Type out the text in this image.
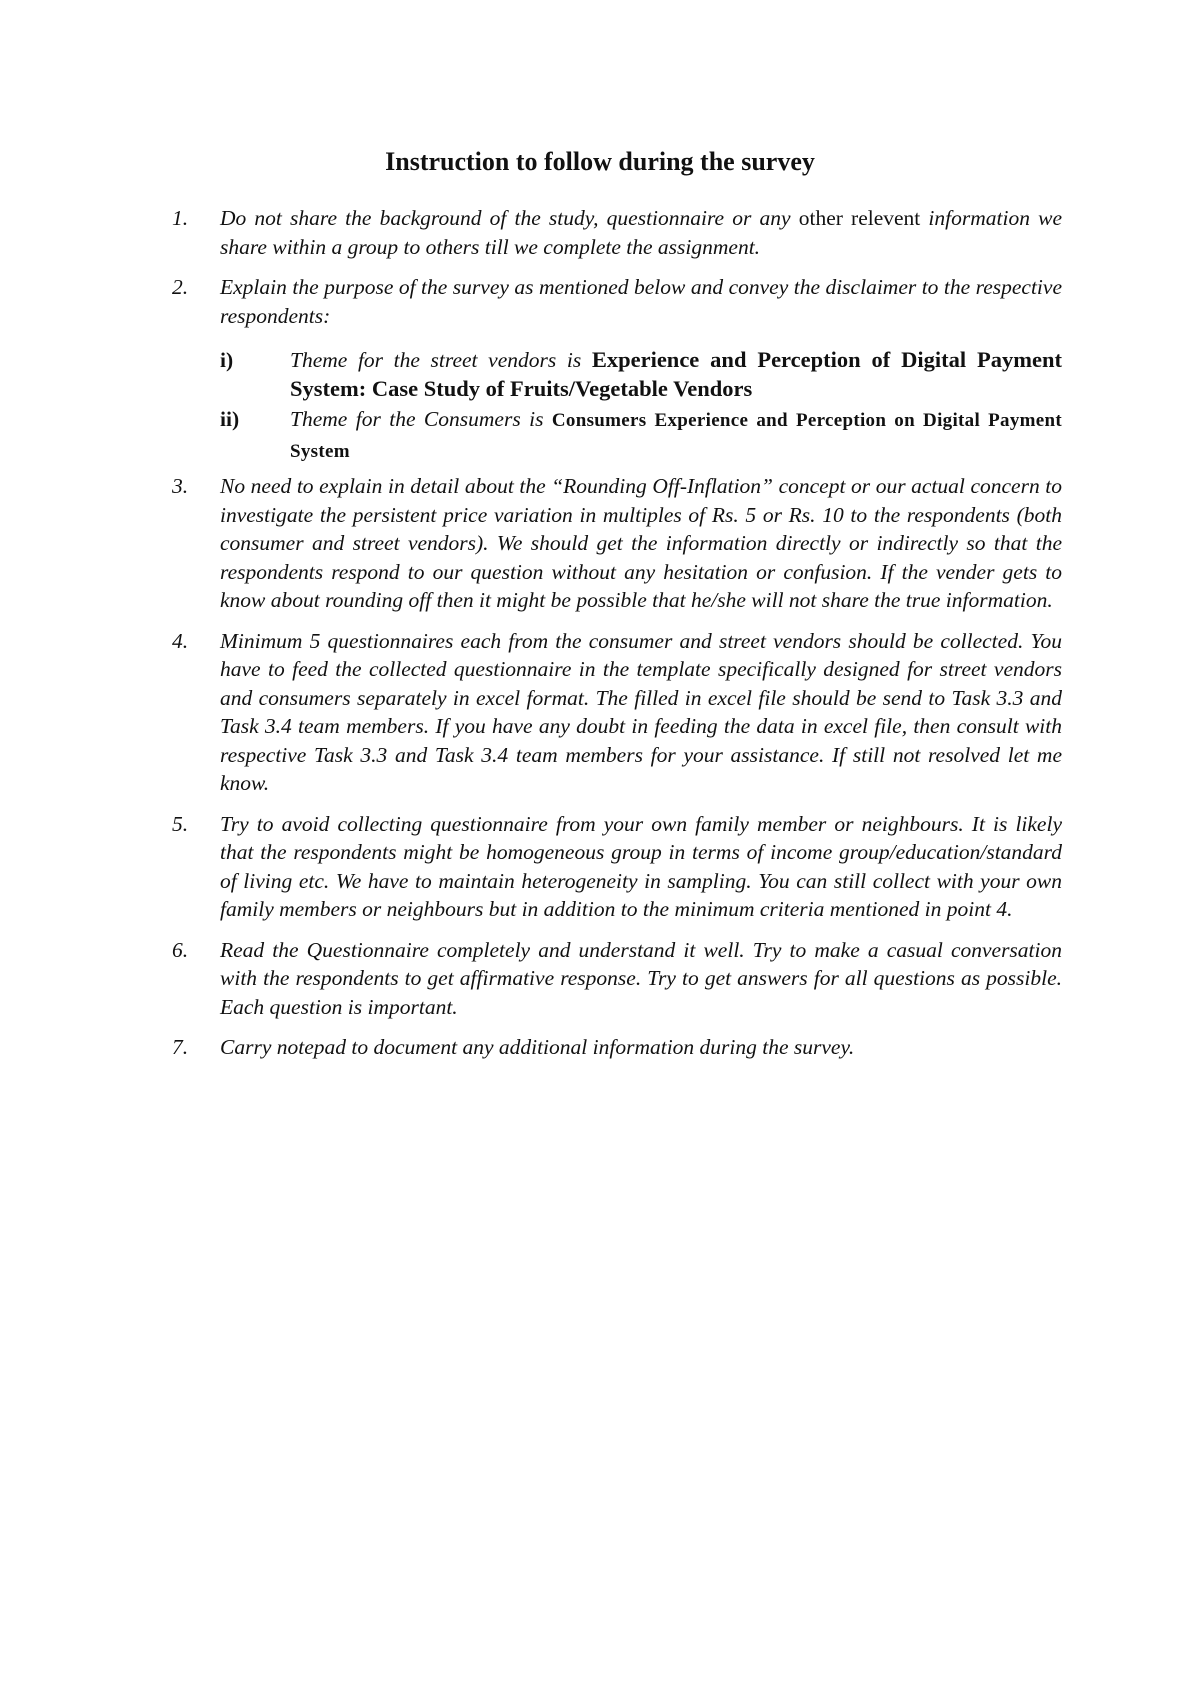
Instruction to follow during the survey
1. Do not share the background of the study, questionnaire or any other relevent information we share within a group to others till we complete the assignment.
2. Explain the purpose of the survey as mentioned below and convey the disclaimer to the respective respondents:
i)	Theme for the street vendors is Experience and Perception of Digital Payment System: Case Study of Fruits/Vegetable Vendors
ii) Theme for the Consumers is Consumers Experience and Perception on Digital Payment System
3. No need to explain in detail about the “Rounding Off-Inflation” concept or our actual concern to investigate the persistent price variation in multiples of Rs. 5 or Rs. 10 to the respondents (both consumer and street vendors). We should get the information directly or indirectly so that the respondents respond to our question without any hesitation or confusion. If the vender gets to know about rounding off then it might be possible that he/she will not share the true information.
4. Minimum 5 questionnaires each from the consumer and street vendors should be collected. You have to feed the collected questionnaire in the template specifically designed for street vendors and consumers separately in excel format. The filled in excel file should be send to Task 3.3 and Task 3.4 team members. If you have any doubt in feeding the data in excel file, then consult with respective Task 3.3 and Task 3.4 team members for your assistance. If still not resolved let me know.
5. Try to avoid collecting questionnaire from your own family member or neighbours. It is likely that the respondents might be homogeneous group in terms of income group/education/standard of living etc. We have to maintain heterogeneity in sampling. You can still collect with your own family members or neighbours but in addition to the minimum criteria mentioned in point 4.
6. Read the Questionnaire completely and understand it well. Try to make a casual conversation with the respondents to get affirmative response. Try to get answers for all questions as possible. Each question is important.
7. Carry notepad to document any additional information during the survey.
